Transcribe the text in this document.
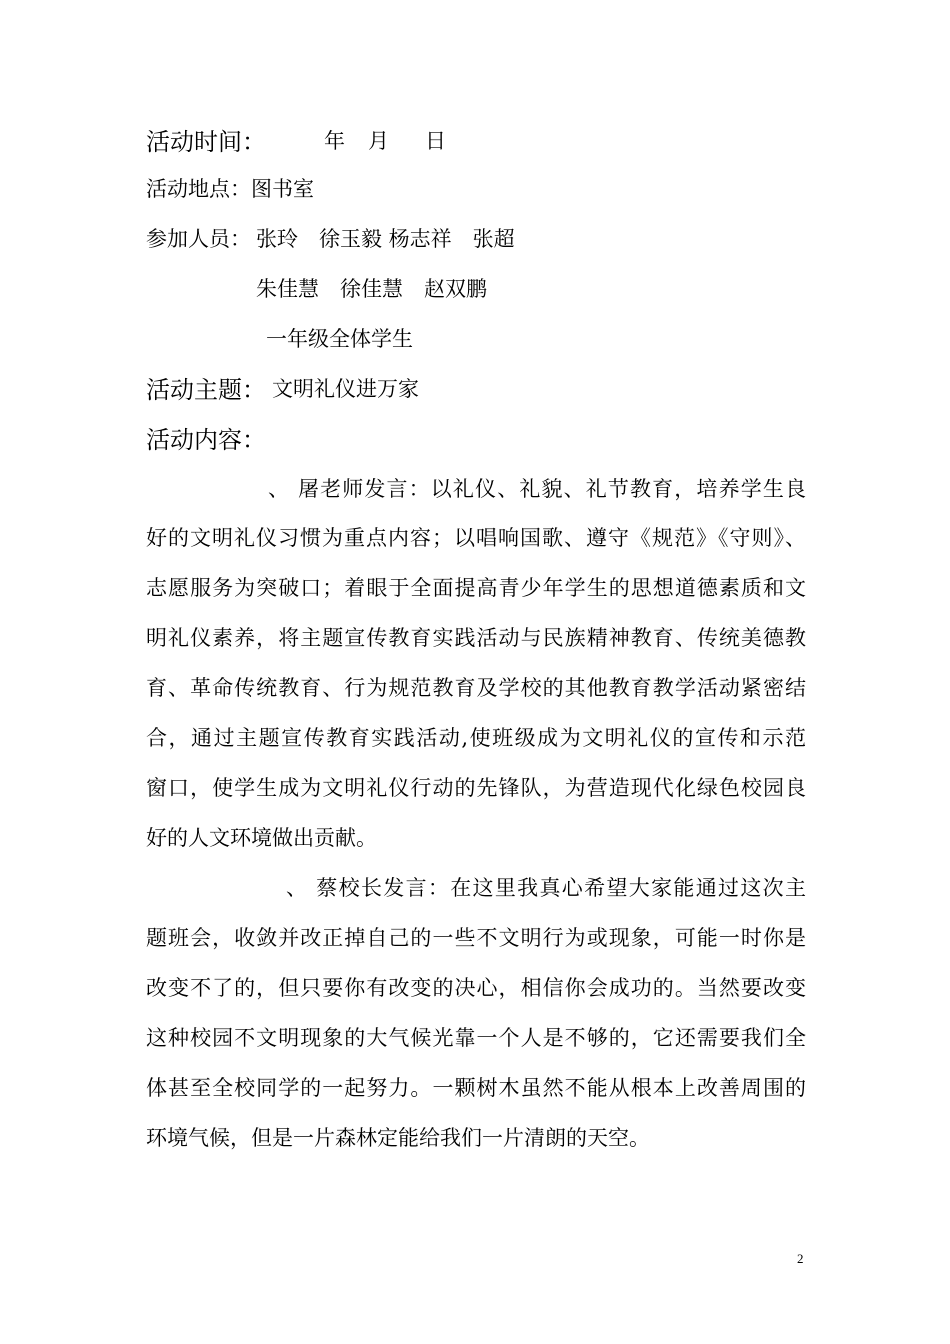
活动时间：	年 月 日
活动地点：图书室
参加人员： 张玲　徐玉毅 杨志祥　张超
朱佳慧　徐佳慧　赵双鹏
一年级全体学生
活动主题： 文明礼仪进万家
活动内容：
、 屠老师发言：以礼仪、礼貌、礼节教育，培养学生良
好的文明礼仪习惯为重点内容；以唱响国歌、遵守《规范》《守则》、
志愿服务为突破口；着眼于全面提高青少年学生的思想道德素质和文
明礼仪素养，将主题宣传教育实践活动与民族精神教育、传统美德教
育、革命传统教育、行为规范教育及学校的其他教育教学活动紧密结
合，通过主题宣传教育实践活动,使班级成为文明礼仪的宣传和示范
窗口，使学生成为文明礼仪行动的先锋队，为营造现代化绿色校园良
好的人文环境做出贡献。
、 蔡校长发言：在这里我真心希望大家能通过这次主
题班会，收敛并改正掉自己的一些不文明行为或现象，可能一时你是
改变不了的，但只要你有改变的决心，相信你会成功的。当然要改变
这种校园不文明现象的大气候光靠一个人是不够的，它还需要我们全
体甚至全校同学的一起努力。一颗树木虽然不能从根本上改善周围的
环境气候，但是一片森林定能给我们一片清朗的天空。
2
